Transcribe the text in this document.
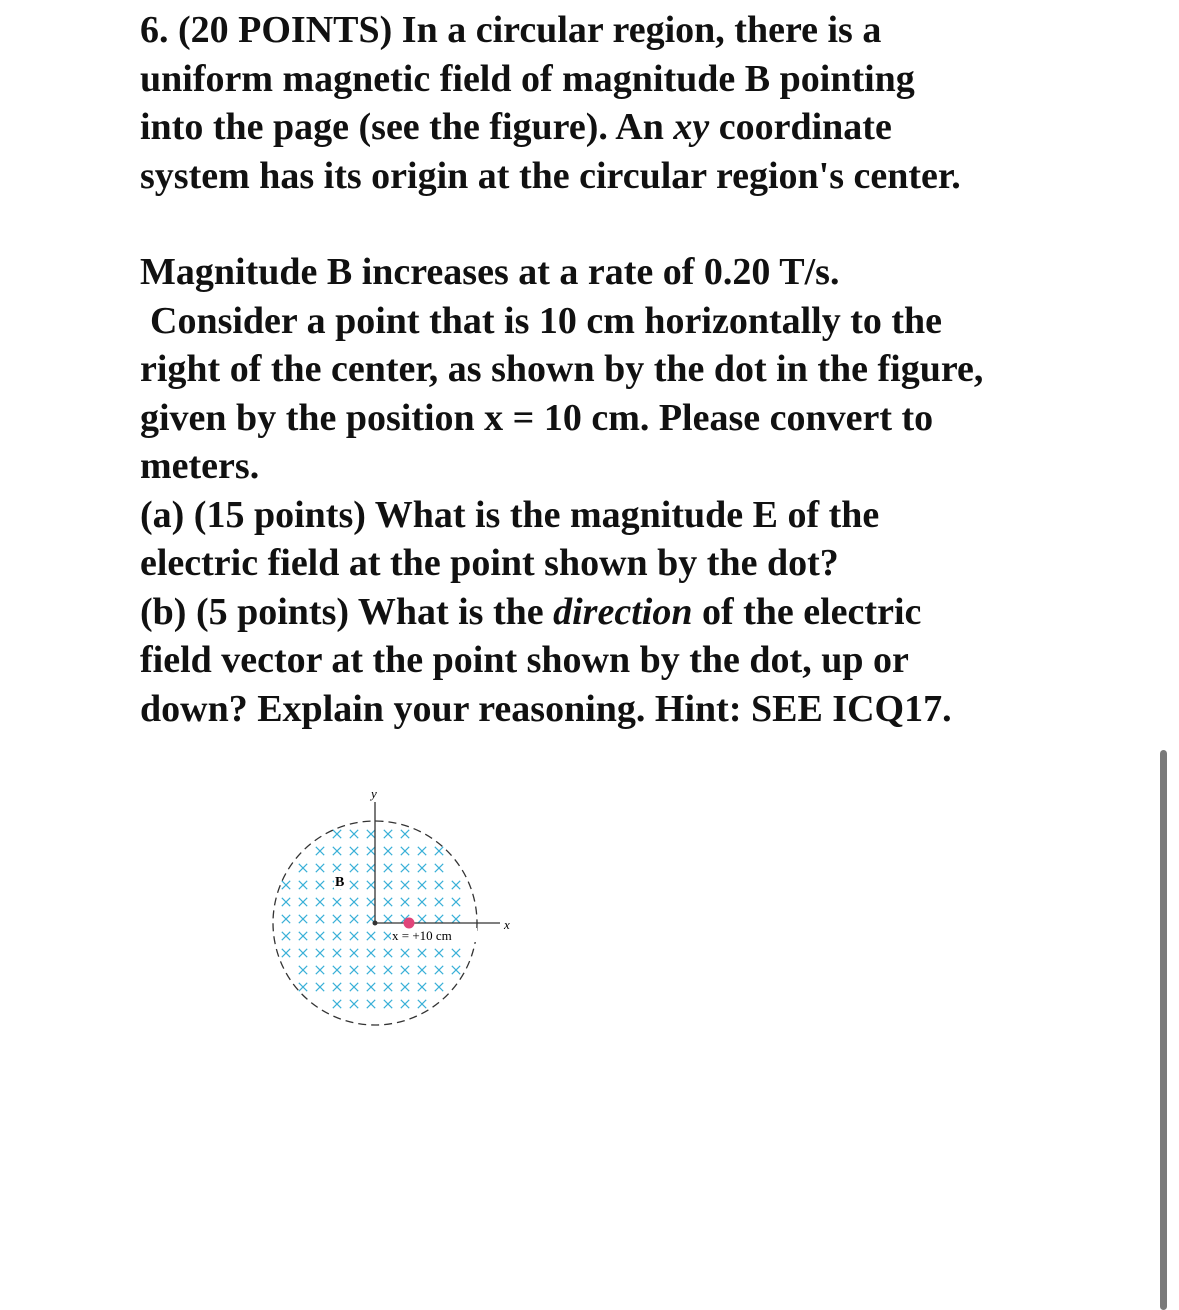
6. (20 POINTS) In a circular region, there is a
uniform magnetic field of magnitude B pointing
into the page (see the figure). An xy coordinate
system has its origin at the circular region's center.
Magnitude B increases at a rate of 0.20 T/s.
Consider a point that is 10 cm horizontally to the
right of the center, as shown by the dot in the figure,
given by the position x = 10 cm. Please convert to
meters.
(a) (15 points) What is the magnitude E of the
electric field at the point shown by the dot?
(b) (5 points) What is the direction of the electric
field vector at the point shown by the dot, up or
down? Explain your reasoning. Hint: SEE ICQ17.
y
x
B
x = +10 cm
